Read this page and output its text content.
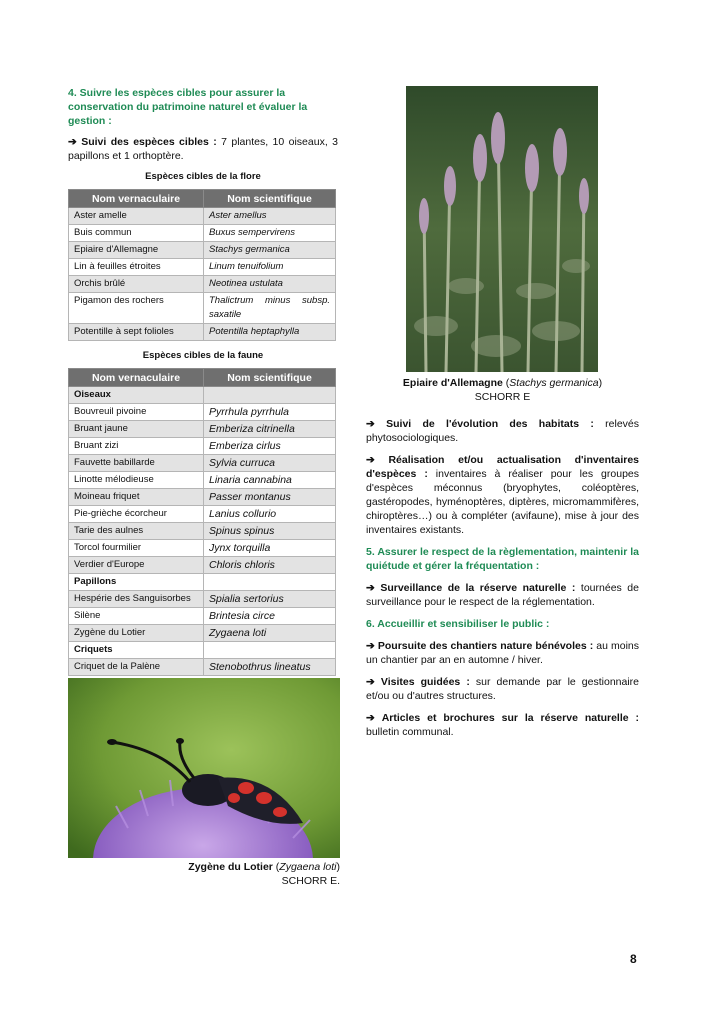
4. Suivre les espèces cibles pour assurer la conservation du patrimoine naturel et évaluer la gestion :

➔ Suivi des espèces cibles : 7 plantes, 10 oiseaux, 3 papillons et 1 orthoptère.

Espèces cibles de la flore

Nom vernaculaire	Nom scientifique
Aster amelle	Aster amellus
Buis commun	Buxus sempervirens
Epiaire d'Allemagne	Stachys germanica
Lin à feuilles étroites	Linum tenuifolium
Orchis brûlé	Neotinea ustulata
Pigamon des rochers	Thalictrum minus subsp. saxatile
Potentille à sept folioles	Potentilla heptaphylla

Espèces cibles de la faune

Nom vernaculaire	Nom scientifique
Oiseaux	
Bouvreuil pivoine	Pyrrhula pyrrhula
Bruant jaune	Emberiza citrinella
Bruant zizi	Emberiza cirlus
Fauvette babillarde	Sylvia curruca
Linotte mélodieuse	Linaria cannabina
Moineau friquet	Passer montanus
Pie-grièche écorcheur	Lanius collurio
Tarie des aulnes	Spinus spinus
Torcol fourmilier	Jynx torquilla
Verdier d'Europe	Chloris chloris
Papillons	
Hespérie des Sanguisorbes	Spialia sertorius
Silène	Brintesia circe
Zygène du Lotier	Zygaena loti
Criquets	
Criquet de la Palène	Stenobothrus lineatus
Zygène du Lotier (Zygaena loti)
SCHORR E.
Epiaire d'Allemagne (Stachys germanica)
SCHORR E

➔ Suivi de l'évolution des habitats : relevés phytosociologiques.

➔ Réalisation et/ou actualisation d'inventaires d'espèces : inventaires à réaliser pour les groupes d'espèces méconnus (bryophytes, coléoptères, gastéropodes, hyménoptères, diptères, micromammifères, chiroptères…) ou à compléter (avifaune), mise à jour des inventaires existants.

5. Assurer le respect de la règlementation, maintenir la quiétude et gérer la fréquentation :

➔ Surveillance de la réserve naturelle : tournées de surveillance pour le respect de la réglementation.

6. Accueillir et sensibiliser le public :

➔ Poursuite des chantiers nature bénévoles : au moins un chantier par an en automne / hiver.

➔ Visites guidées : sur demande par le gestionnaire et/ou ou d'autres structures.

➔ Articles et brochures sur la réserve naturelle : bulletin communal.

8
